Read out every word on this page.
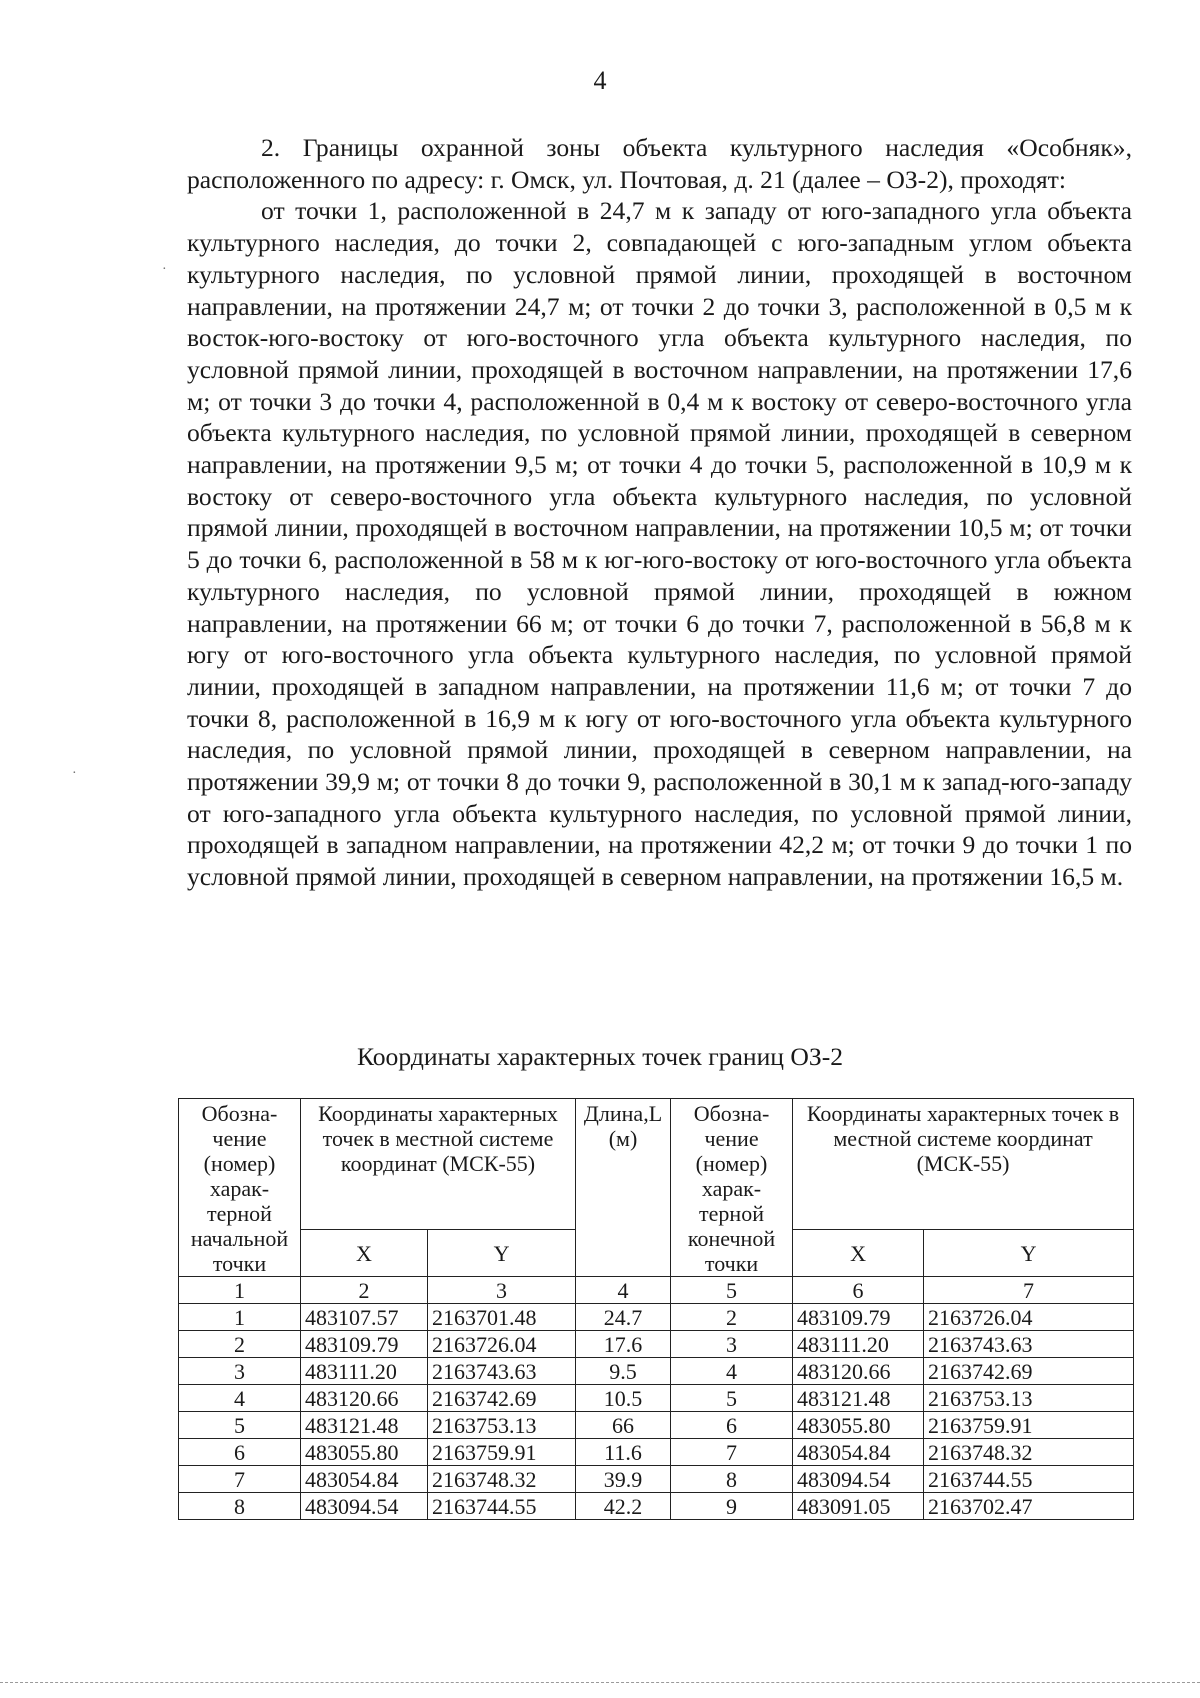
4
·
·

2. Границы охранной зоны объекта культурного наследия «Особняк», расположенного по адресу: г. Омск, ул. Почтовая, д. 21 (далее – ОЗ-2), проходят:

от точки 1, расположенной в 24,7 м к западу от юго-западного угла объекта культурного наследия, до точки 2, совпадающей с юго-западным углом объекта культурного наследия, по условной прямой линии, проходящей в восточном направлении, на протяжении 24,7 м; от точки 2 до точки 3, расположенной в 0,5 м к восток-юго-востоку от юго-восточного угла объекта культурного наследия, по условной прямой линии, проходящей в восточном направлении, на протяжении 17,6 м; от точки 3 до точки 4, расположенной в 0,4 м к востоку от северо-восточного угла объекта культурного наследия, по условной прямой линии, проходящей в северном направлении, на протяжении 9,5 м; от точки 4 до точки 5, расположенной в 10,9 м к востоку от северо-восточного угла объекта культурного наследия, по условной прямой линии, проходящей в восточном направлении, на протяжении 10,5 м; от точки 5 до точки 6, расположенной в 58 м к юг-юго-востоку от юго-восточного угла объекта культурного наследия, по условной прямой линии, проходящей в южном направлении, на протяжении 66 м; от точки 6 до точки 7, расположенной в 56,8 м к югу от юго-восточного угла объекта культурного наследия, по условной прямой линии, проходящей в западном направлении, на протяжении 11,6 м; от точки 7 до точки 8, расположенной в 16,9 м к югу от юго-восточного угла объекта культурного наследия, по условной прямой линии, проходящей в северном направлении, на протяжении 39,9 м; от точки 8 до точки 9, расположенной в 30,1 м к запад-юго-западу от юго-западного угла объекта культурного наследия, по условной прямой линии, проходящей в западном направлении, на протяжении 42,2 м; от точки 9 до точки 1 по условной прямой линии, проходящей в северном направлении, на протяжении 16,5 м.

Координаты характерных точек границ ОЗ-2
Обозна-чение (номер) харак-терной начальной точки	Координаты характерных точек в местной системе координат (МСК-55)		Длина,L (м)	Обозна-чение (номер) харак-терной конечной точки	Координаты характерных точек в местной системе координат (МСК-55)	
	X	Y			X	Y
1	2	3	4	5	6	7
1	483107.57	2163701.48	24.7	2	483109.79	2163726.04
2	483109.79	2163726.04	17.6	3	483111.20	2163743.63
3	483111.20	2163743.63	9.5	4	483120.66	2163742.69
4	483120.66	2163742.69	10.5	5	483121.48	2163753.13
5	483121.48	2163753.13	66	6	483055.80	2163759.91
6	483055.80	2163759.91	11.6	7	483054.84	2163748.32
7	483054.84	2163748.32	39.9	8	483094.54	2163744.55
8	483094.54	2163744.55	42.2	9	483091.05	2163702.47
